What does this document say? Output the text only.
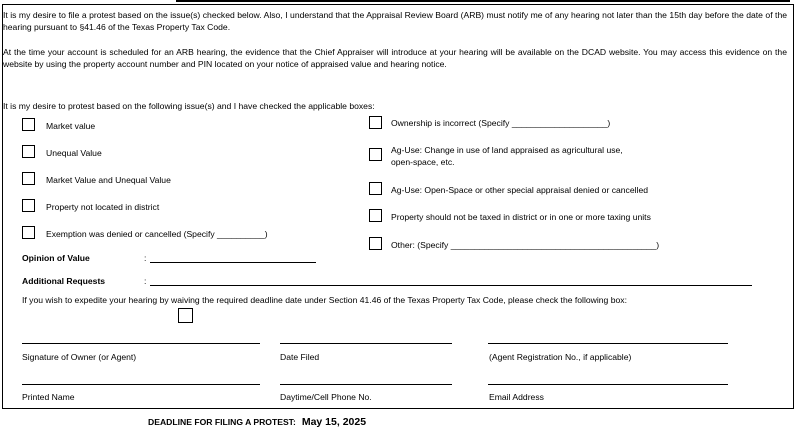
It is my desire to file a protest based on the issue(s) checked below. Also, I understand that the Appraisal Review Board (ARB) must notify me of any hearing not later than the 15th day before the date of the hearing pursuant to §41.46 of the Texas Property Tax Code.
At the time your account is scheduled for an ARB hearing, the evidence that the Chief Appraiser will introduce at your hearing will be available on the DCAD website. You may access this evidence on the website by using the property account number and PIN located on your notice of appraised value and hearing notice.
It is my desire to protest based on the following issue(s) and I have checked the applicable boxes:
Market value
Unequal Value
Market Value and Unequal Value
Property not located in district
Exemption was denied or cancelled (Specify __________)
Ownership is incorrect (Specify ____________________)
Ag-Use: Change in use of land appraised as agricultural use,
open-space, etc.
Ag-Use: Open-Space or other special appraisal denied or cancelled
Property should not be taxed in district or in one or more taxing units
Other: (Specify ___________________________________________)
Opinion of Value	:
Additional Requests	:
If you wish to expedite your hearing by waiving the required deadline date under Section 41.46 of the Texas Property Tax Code, please check the following box:
Signature of Owner (or Agent)	Date Filed	(Agent Registration No., if applicable)
Printed Name	Daytime/Cell Phone No.	Email Address
DEADLINE FOR FILING A PROTEST: May 15, 2025
